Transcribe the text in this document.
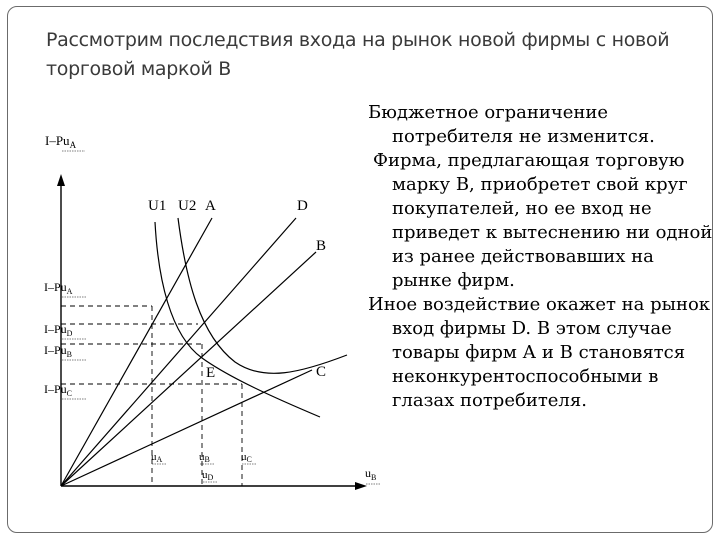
Рассмотрим последствия входа на рынок новой фирмы с новой торговой маркой В
$I-Pu_A$
$u_B$
$I-Pu_A$
$I-Pu_D$
$I-Pu_B$
$I-Pu_C$
uA	uB
uD
uC
A	D
B
C
U1 U2
E

Бюджетное ограничение потребителя не изменится.

Фирма, предлагающая торговую марку В, приобретет свой круг покупателей, но ее вход не приведет к вытеснению ни одной из ранее действовавших на рынке фирм.

Иное воздействие окажет на рынок вход фирмы D. В этом случае товары фирм А и В становятся неконкурентоспособными в глазах потребителя.
